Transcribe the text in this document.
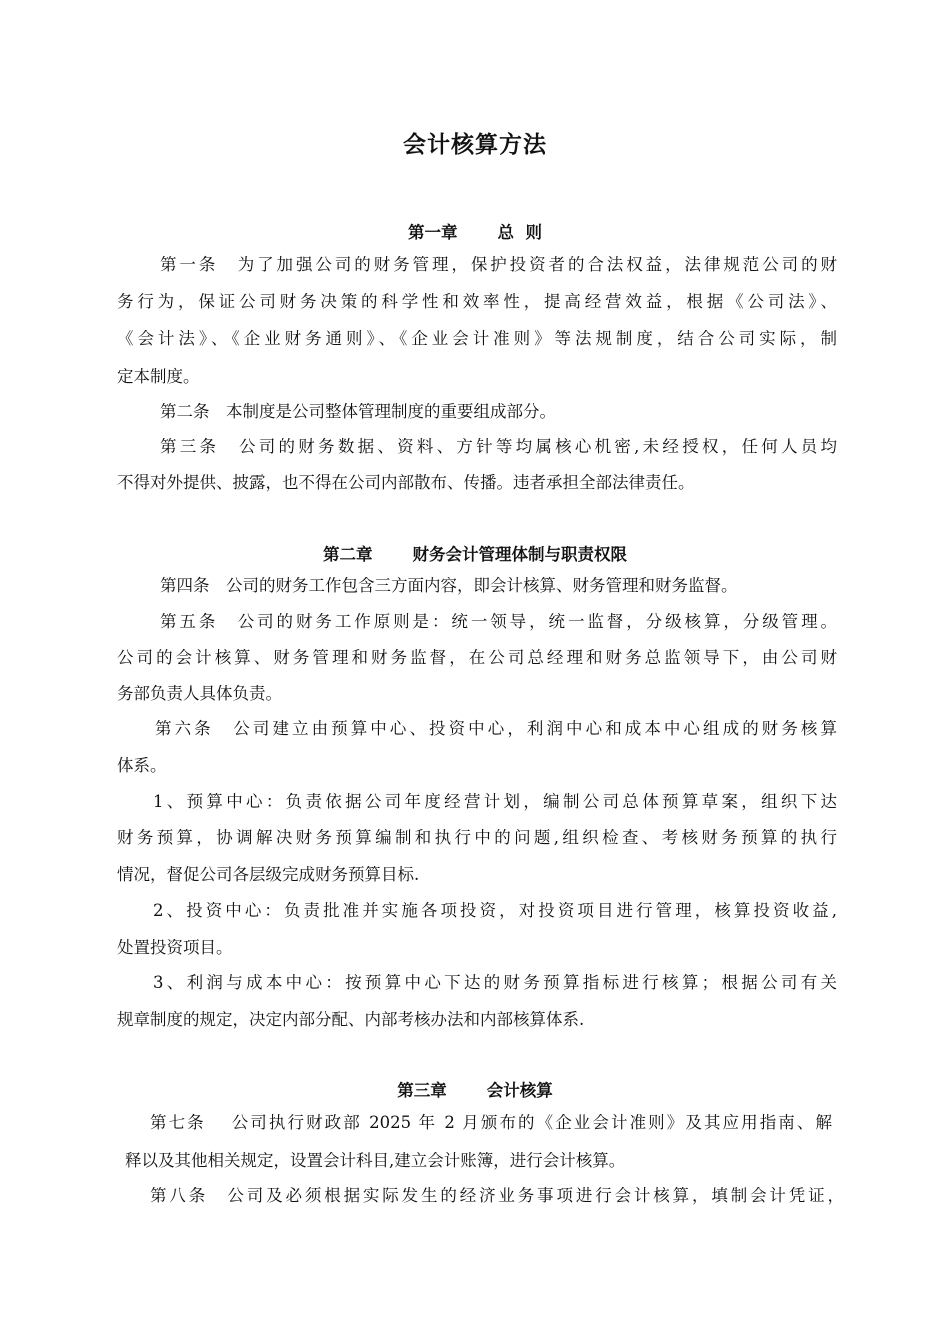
会计核算方法
第一章 总  则
第一条　为了加强公司的财务管理，保护投资者的合法权益，法律规范公司的财
务行为，保证公司财务决策的科学性和效率性，提高经营效益，根据《公司法》、
《会计法》、《企业财务通则》、《企业会计准则》等法规制度，结合公司实际，制
定本制度。
第二条　本制度是公司整体管理制度的重要组成部分。
第三条　公司的财务数据、资料、方针等均属核心机密,未经授权，任何人员均
不得对外提供、披露，也不得在公司内部散布、传播。违者承担全部法律责任。
第二章 财务会计管理体制与职责权限
第四条　公司的财务工作包含三方面内容，即会计核算、财务管理和财务监督。
第五条　公司的财务工作原则是：统一领导，统一监督，分级核算，分级管理。
公司的会计核算、财务管理和财务监督，在公司总经理和财务总监领导下，由公司财
务部负责人具体负责。
第六条　公司建立由预算中心、投资中心，利润中心和成本中心组成的财务核算
体系。
1、预算中心：负责依据公司年度经营计划，编制公司总体预算草案，组织下达
财务预算，协调解决财务预算编制和执行中的问题,组织检查、考核财务预算的执行
情况，督促公司各层级完成财务预算目标.
2、投资中心：负责批准并实施各项投资，对投资项目进行管理，核算投资收益,
处置投资项目。
3、利润与成本中心：按预算中心下达的财务预算指标进行核算；根据公司有关
规章制度的规定，决定内部分配、内部考核办法和内部核算体系.
第三章 会计核算
第七条　 公司执行财政部 2025 年 2 月颁布的《企业会计准则》及其应用指南、解
释以及其他相关规定，设置会计科目,建立会计账簿，进行会计核算。
第八条　公司及必须根据实际发生的经济业务事项进行会计核算，填制会计凭证，
